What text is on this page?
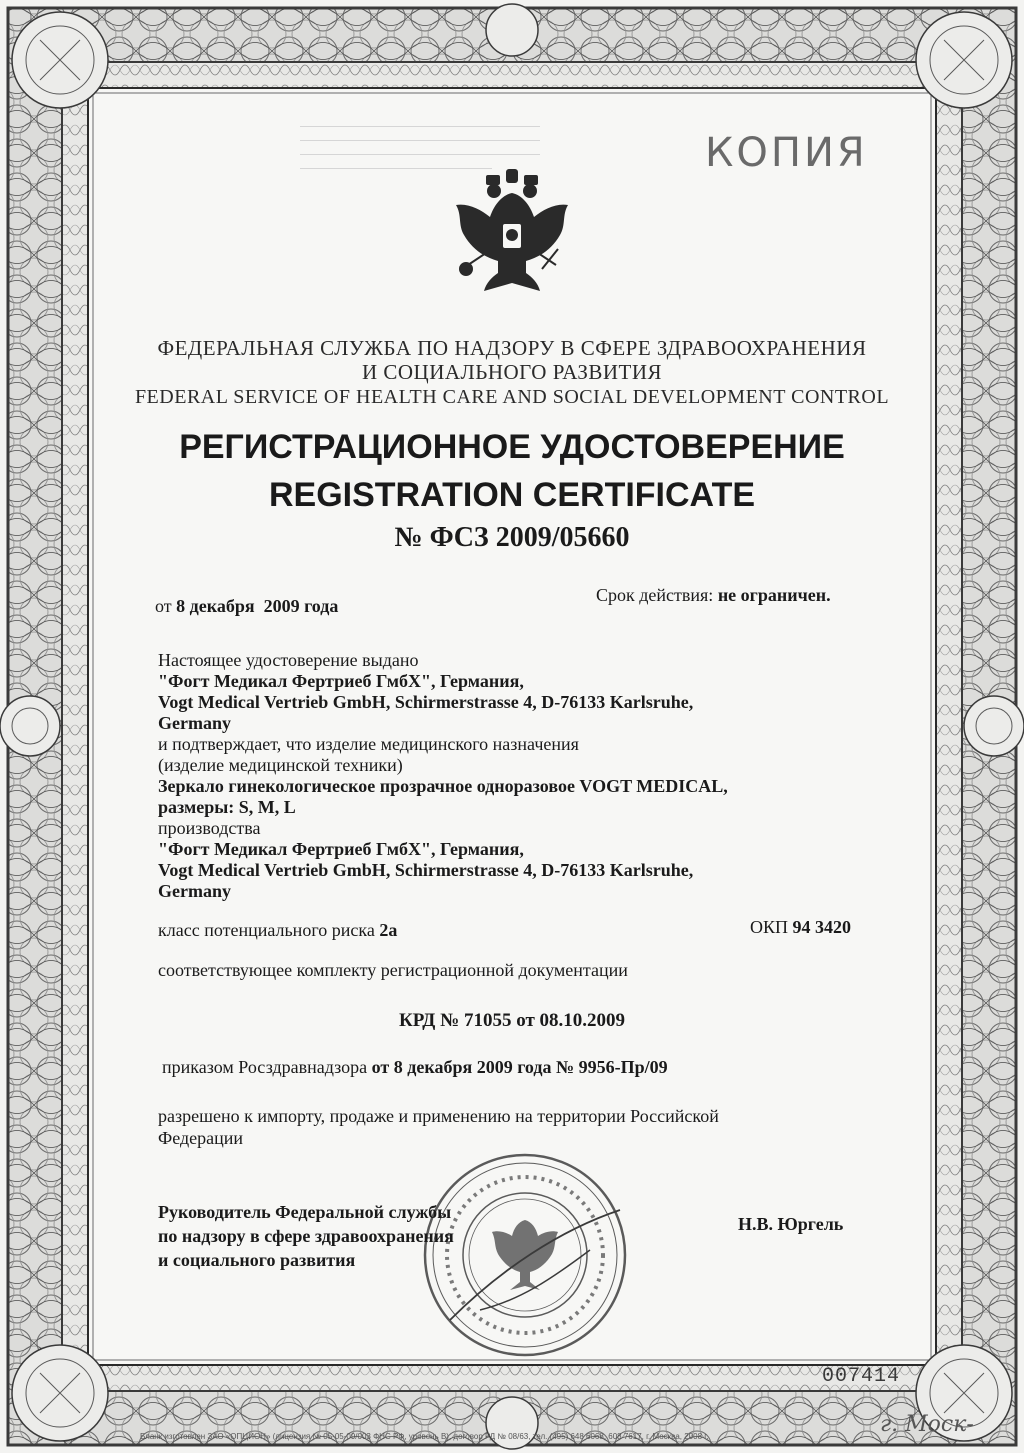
КОПИЯ
ФЕДЕРАЛЬНАЯ СЛУЖБА ПО НАДЗОРУ В СФЕРЕ ЗДРАВООХРАНЕНИЯ
И СОЦИАЛЬНОГО РАЗВИТИЯ
FEDERAL SERVICE OF HEALTH CARE AND SOCIAL DEVELOPMENT CONTROL
РЕГИСТРАЦИОННОЕ УДОСТОВЕРЕНИЕ
REGISTRATION CERTIFICATE
№ ФСЗ 2009/05660
от 8 декабря  2009 года
Срок действия: не ограничен.
Настоящее удостоверение выдано
"Фогт Медикал Фертриеб ГмбХ", Германия,
Vogt Medical Vertrieb GmbH, Schirmerstrasse 4, D-76133 Karlsruhe,
Germany
и подтверждает, что изделие медицинского назначения
(изделие медицинской техники)
Зеркало гинекологическое прозрачное одноразовое VOGT MEDICAL,
размеры: S, M, L
производства
"Фогт Медикал Фертриеб ГмбХ", Германия,
Vogt Medical Vertrieb GmbH, Schirmerstrasse 4, D-76133 Karlsruhe,
Germany
класс потенциального риска 2а	ОКП 94 3420
соответствующее комплекту регистрационной документации
КРД № 71055 от 08.10.2009
приказом Росздравнадзора от 8 декабря 2009 года № 9956-Пр/09
разрешено к импорту, продаже и применению на территории Российской
Федерации
Руководитель Федеральной службы
по надзору в сфере здравоохранения
и социального развития
Н.В. Юргель
007414
Бланк изготовлен ЗАО «ОПЦИОН» (лицензия № 05-05-09/003 ФНС РФ, уровень В), договор РД № 08/63, тел. (495) 648 6068, 608 7617, г. Москва, 2008 г.	г. Моск-
